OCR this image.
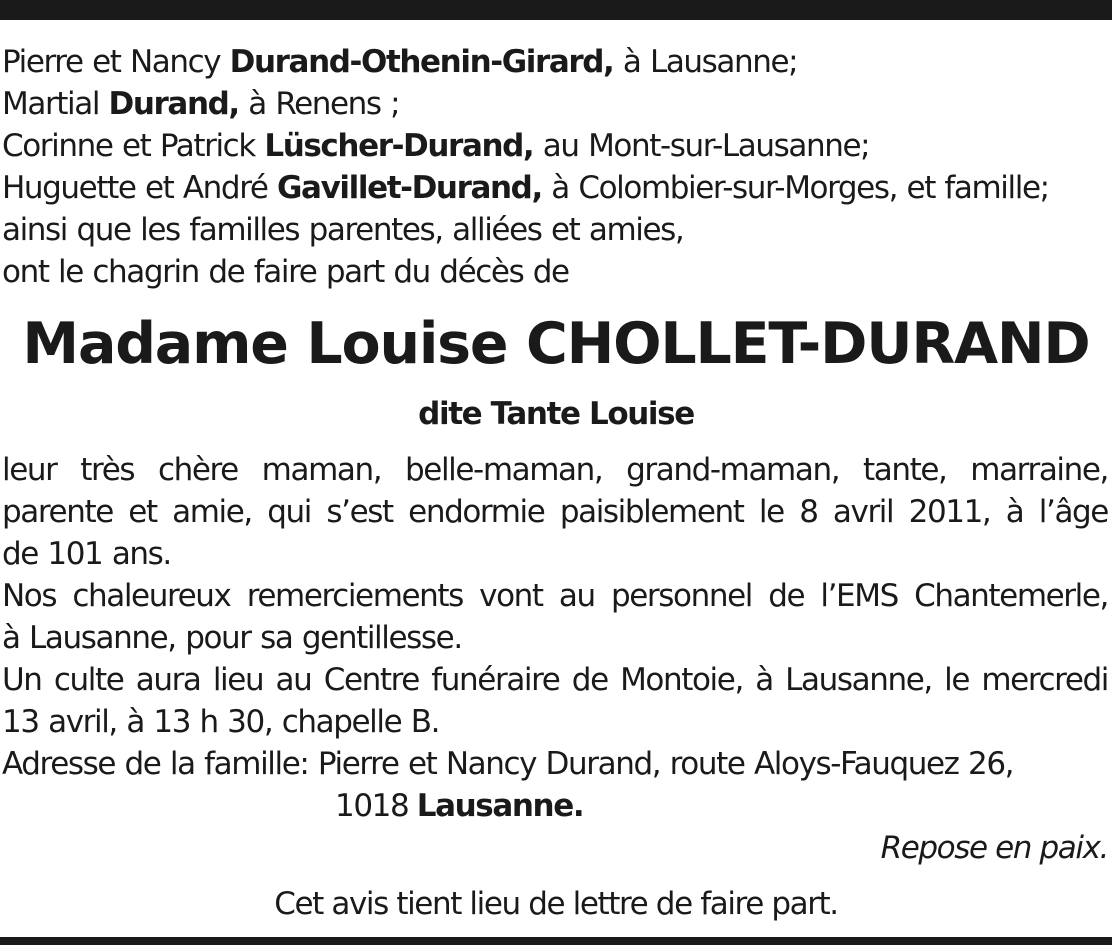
Pierre et Nancy Durand-Othenin-Girard, à Lausanne;
Martial Durand, à Renens ;
Corinne et Patrick Lüscher-Durand, au Mont-sur-Lausanne;
Huguette et André Gavillet-Durand, à Colombier-sur-Morges, et famille;
ainsi que les familles parentes, alliées et amies,
ont le chagrin de faire part du décès de
Madame Louise CHOLLET-DURAND
dite Tante Louise
leur très chère maman, belle-maman, grand-maman, tante, marraine,
parente et amie, qui s’est endormie paisiblement le 8 avril 2011, à l’âge
de 101 ans.
Nos chaleureux remerciements vont au personnel de l’EMS Chantemerle,
à Lausanne, pour sa gentillesse.
Un culte aura lieu au Centre funéraire de Montoie, à Lausanne, le mercredi
13 avril, à 13 h 30, chapelle B.
Adresse de la famille: Pierre et Nancy Durand, route Aloys-Fauquez 26,
1018 Lausanne.
Repose en paix.
Cet avis tient lieu de lettre de faire part.
